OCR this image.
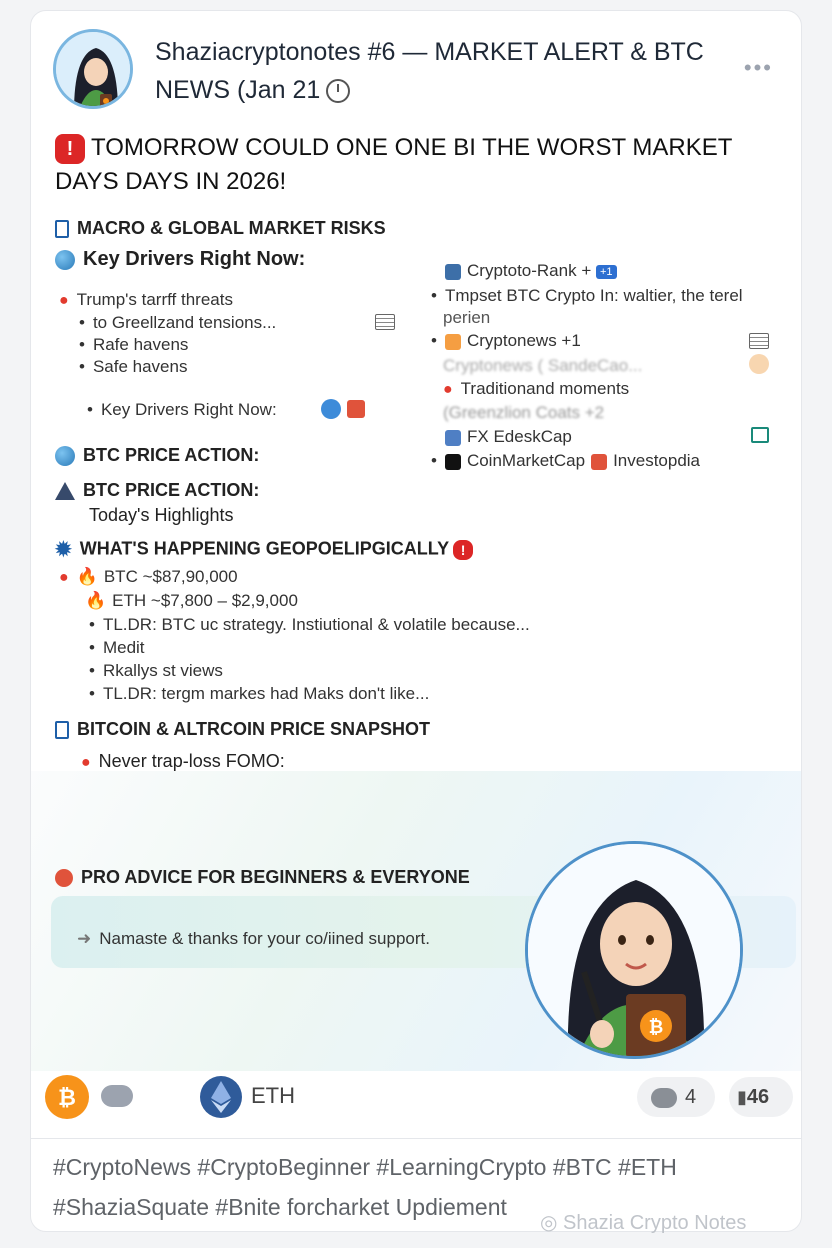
Shaziacryptonotes #6 — MARKET ALERT & BTC NEWS (Jan 21
•••
! TOMORROW COULD ONE ONE BI THE WORST MARKET DAYS DAYS IN 2026!
MACRO & GLOBAL MARKET RISKS
Key Drivers Right Now:
● Trump's tarrff threats
• to Greellzand tensions...
• Rafe havens
• Safe havens
• Key Drivers Right Now:
BTC PRICE ACTION:
BTC PRICE ACTION:
Today's Highlights
✹ WHAT'S HAPPENING GEOPOELIPGICALLY !
● 🔥 BTC ~$87,90,000
🔥 ETH ~$7,800 – $2,9,000
• TL.DR: BTC uc strategy. Instiutional & volatile because...
• Medit
• Rkallys st views
• TL.DR: tergm markes had Maks don't like...
BITCOIN & ALTRCOIN PRICE SNAPSHOT
● Never trap-loss FOMO:
Cryptoto-Rank + +1
• Tmpset BTC Crypto In: waltier, the terel
perien
• Cryptonews +1
Cryptonews ( SandeCao...
● Traditionand moments
(Greenzlion Coats +2
FX EdeskCap
• CoinMarketCap Investopdia
PRO ADVICE FOR BEGINNERS & EVERYONE
➜ Namaste & thanks for your co/iined support.
₿
₿	ETH	4	▮46
#CryptoNews #CryptoBeginner #LearningCrypto #BTC #ETH #ShaziaSquate #Bnite forcharket Updiement
◎ Shazia Crypto Notes
